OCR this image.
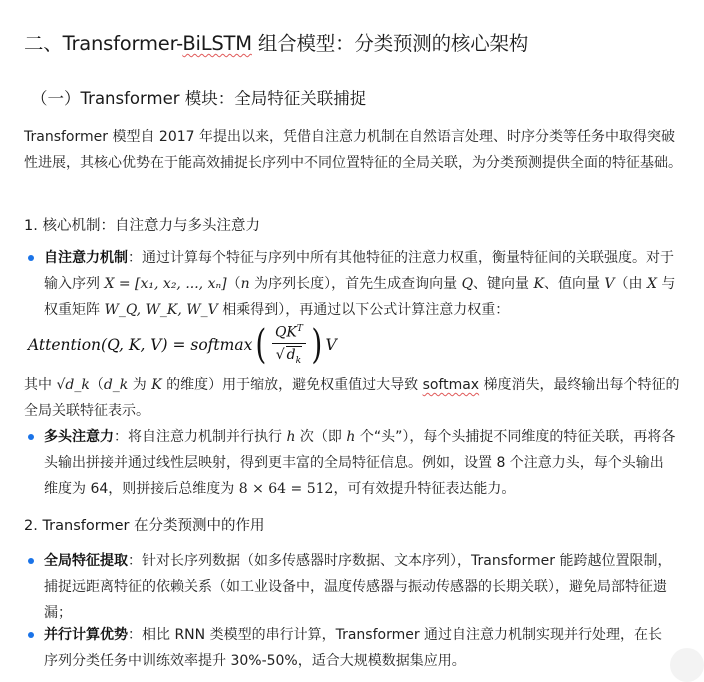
二、Transformer-BiLSTM 组合模型：分类预测的核心架构
（一）Transformer 模块：全局特征关联捕捉
Transformer 模型自 2017 年提出以来，凭借自注意力机制在自然语言处理、时序分类等任务中取得突破性进展，其核心优势在于能高效捕捉长序列中不同位置特征的全局关联，为分类预测提供全面的特征基础。
1. 核心机制：自注意力与多头注意力
自注意力机制：通过计算每个特征与序列中所有其他特征的注意力权重，衡量特征间的关联强度。对于输入序列 X = [x₁, x₂, ..., xₙ]（n 为序列长度），首先生成查询向量 Q、键向量 K、值向量 V（由 X 与权重矩阵 W_Q, W_K, W_V 相乘得到），再通过以下公式计算注意力权重：
Attention(Q, K, V) = softmax ( $\frac{QK^T}{√ d_k}$ ) V
其中 √d_k（d_k 为 K 的维度）用于缩放，避免权重值过大导致 softmax 梯度消失，最终输出每个特征的全局关联特征表示。
多头注意力：将自注意力机制并行执行 h 次（即 h 个“头”），每个头捕捉不同维度的特征关联，再将各头输出拼接并通过线性层映射，得到更丰富的全局特征信息。例如，设置 8 个注意力头，每个头输出维度为 64，则拼接后总维度为 8 × 64 = 512，可有效提升特征表达能力。
2. Transformer 在分类预测中的作用
全局特征提取：针对长序列数据（如多传感器时序数据、文本序列），Transformer 能跨越位置限制，捕捉远距离特征的依赖关系（如工业设备中，温度传感器与振动传感器的长期关联），避免局部特征遗漏；
并行计算优势：相比 RNN 类模型的串行计算，Transformer 通过自注意力机制实现并行处理，在长序列分类任务中训练效率提升 30%-50%，适合大规模数据集应用。
